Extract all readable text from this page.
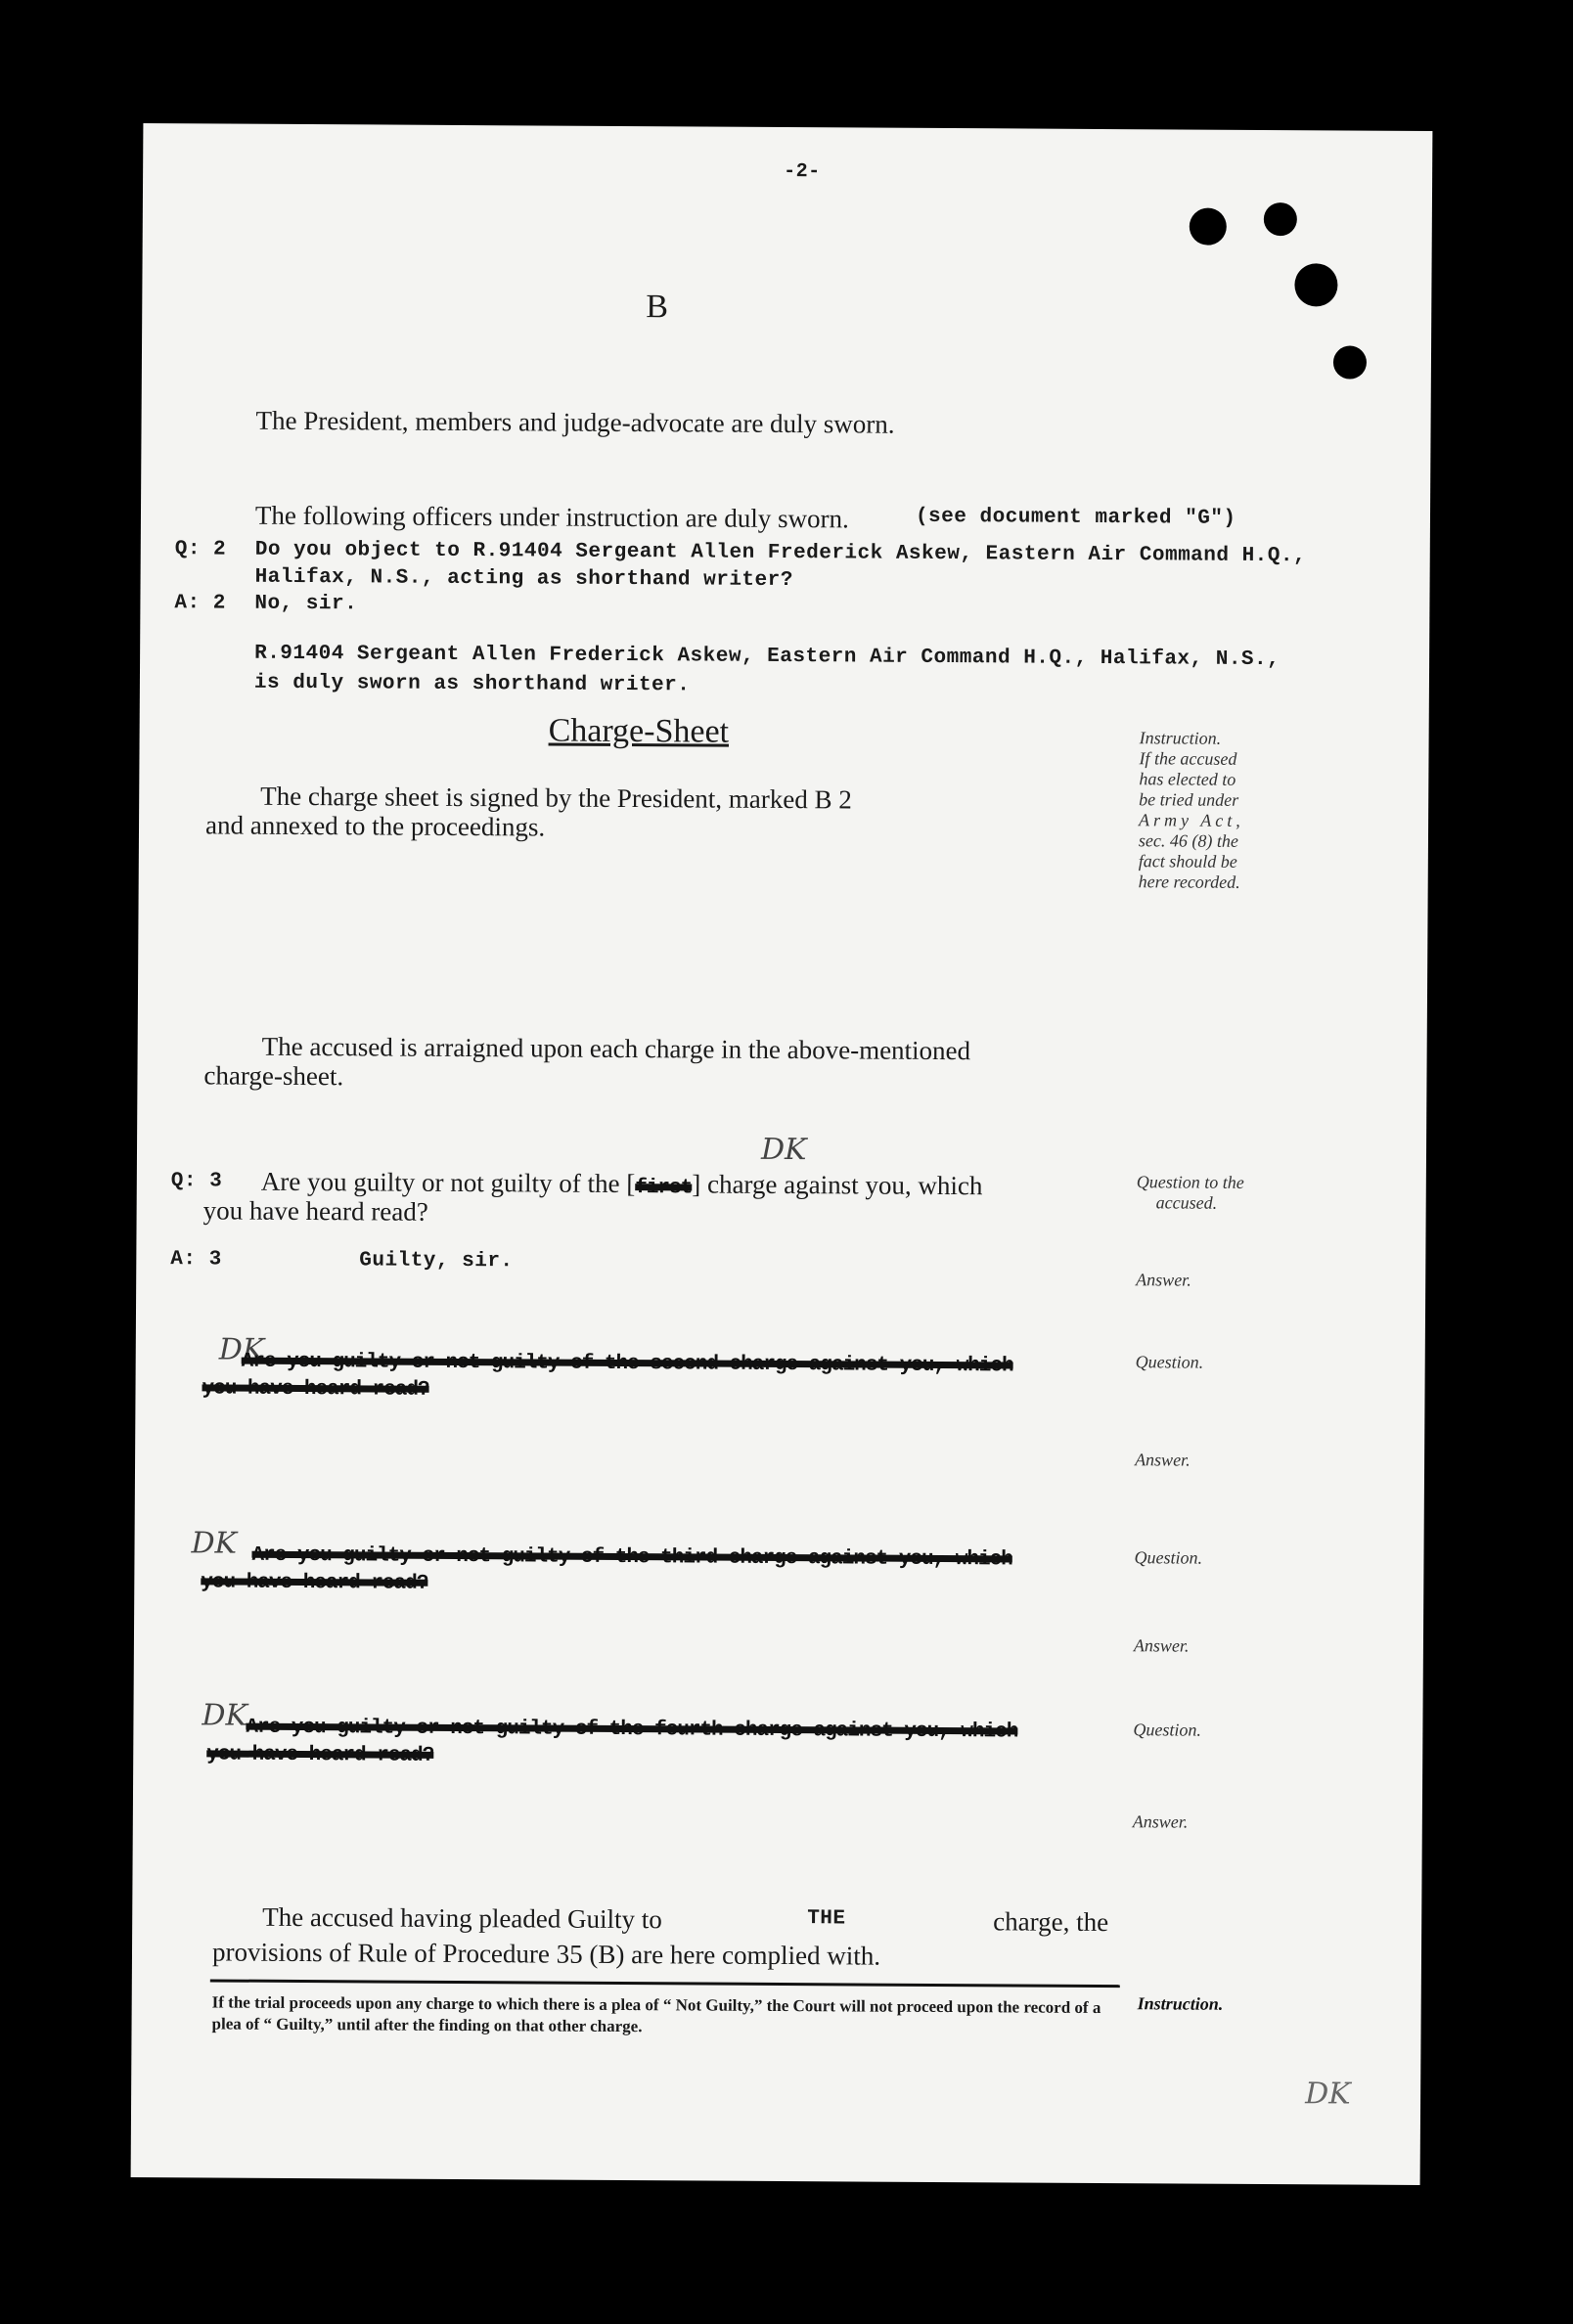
-2-
B
The President, members and judge-advocate are duly sworn.
The following officers under instruction are duly sworn.	(see document marked "G")
Q: 2 Do you object to R.91404 Sergeant Allen Frederick Askew, Eastern Air Command H.Q.,
Halifax, N.S., acting as shorthand writer?
A: 2 No, sir.
R.91404 Sergeant Allen Frederick Askew, Eastern Air Command H.Q., Halifax, N.S.,
is duly sworn as shorthand writer.
Charge-Sheet	Instruction.
If the accused
has elected to
be tried under
Army Act,
sec. 46 (8) the
fact should be
here recorded.
The charge sheet is signed by the President, marked B 2
and annexed to the proceedings.
The accused is arraigned upon each charge in the above-mentioned
charge-sheet.
Q: 3 Are you guilty or not guilty of the [first] charge against you, which
DK
you have heard read?
Question to the
accused.
A: 3	Guilty, sir.
Answer.
DK
Are you guilty or not guilty of the second charge against you, which
you have heard read?
Question.
Answer.
DK Are you guilty or not guilty of the third charge against you, which
you have heard read?
Question.
Answer.
DK
Are you guilty or not guilty of the fourth charge against you, which
you have heard read?
Question.
Answer.
The accused having pleaded Guilty to	THE	charge, the
provisions of Rule of Procedure 35 (B) are here complied with.
If the trial proceeds upon any charge to which there is a plea of “ Not Guilty,” the Court will not proceed upon the record of a plea of “ Guilty,” until after the finding on that other charge.
Instruction.
DK
